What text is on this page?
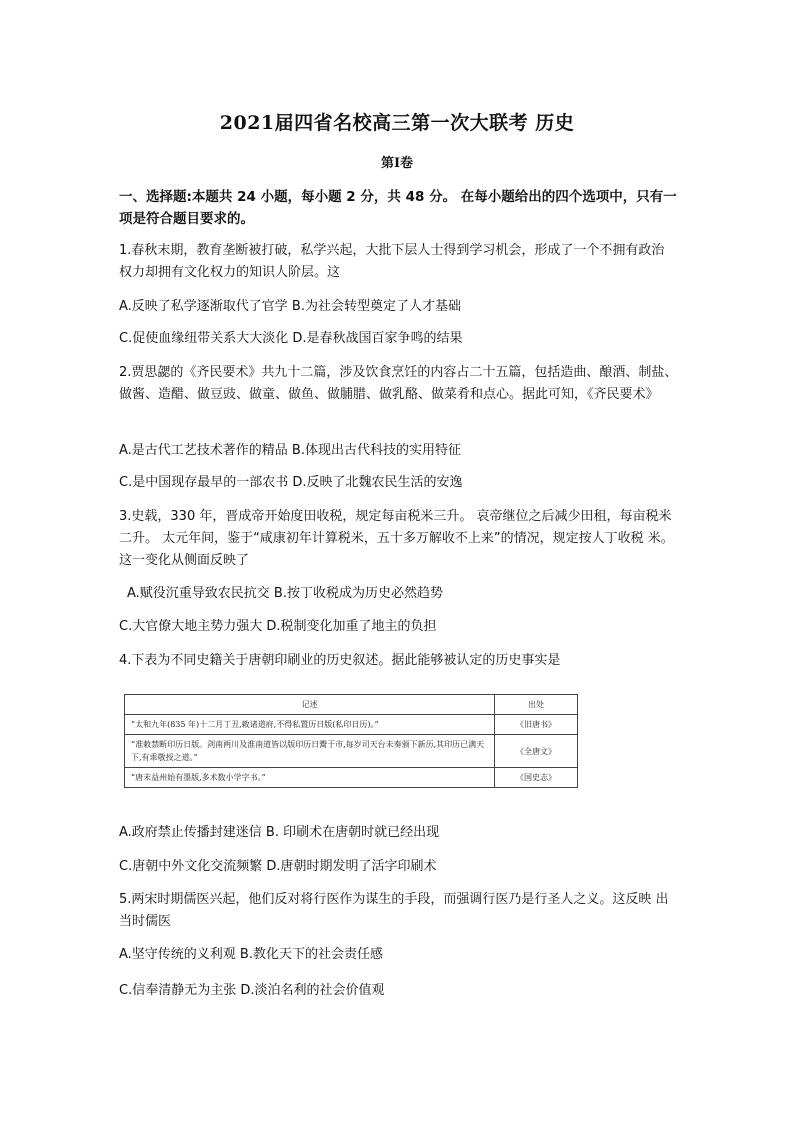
2021届四省名校高三第一次大联考 历史
第Ⅰ卷
一、选择题:本题共 24 小题，每小题 2 分，共 48 分。 在每小题给出的四个选项中，只有一项是符合题目要求的。
1.春秋末期，教育垄断被打破，私学兴起，大批下层人士得到学习机会，形成了一个不拥有政治 权力却拥有文化权力的知识人阶层。这
A.反映了私学逐渐取代了官学 B.为社会转型奠定了人才基础
C.促使血缘纽带关系大大淡化 D.是春秋战国百家争鸣的结果
2.贾思勰的《齐民要术》共九十二篇，涉及饮食烹饪的内容占二十五篇，包括造曲、酿酒、制盐、 做酱、造醋、做豆豉、做童、做鱼、做脯腊、做乳酪、做菜肴和点心。据此可知，《齐民要术》
A.是古代工艺技术著作的精品 B.体现出古代科技的实用特征
C.是中国现存最早的一部农书 D.反映了北魏农民生活的安逸
3.史载，330 年，晋成帝开始度田收税，规定每亩税米三升。 哀帝继位之后减少田租，每亩税米 二升。 太元年间，鉴于“咸康初年计算税米，五十多万解收不上来”的情况，规定按人丁收税 米。这一变化从侧面反映了
A.赋役沉重导致农民抗交 B.按丁收税成为历史必然趋势
C.大官僚大地主势力强大 D.税制变化加重了地主的负担
4.下表为不同史籍关于唐朝印刷业的历史叙述。据此能够被认定的历史事实是
记述	出处
“太和九年(835 年)十二月丁丑,敕诸道府,不得私置历日版(私印日历)。”	《旧唐书》
“准敕禁断印历日版。剑南两川及淮南道皆以版印历日鬻于市,每岁司天台未奏颁下新历,其印历已满天下,有乖敬授之道。”	《全唐文》
“唐末益州始有墨版,多术数小学字书。”	《国史志》
A.政府禁止传播封建迷信 B. 印刷术在唐朝时就已经出现
C.唐朝中外文化交流频繁 D.唐朝时期发明了活字印刷术
5.两宋时期儒医兴起，他们反对将行医作为谋生的手段，而强调行医乃是行圣人之义。这反映 出当时儒医
A.坚守传统的义利观 B.教化天下的社会责任感
C.信奉清静无为主张 D.淡泊名利的社会价值观
